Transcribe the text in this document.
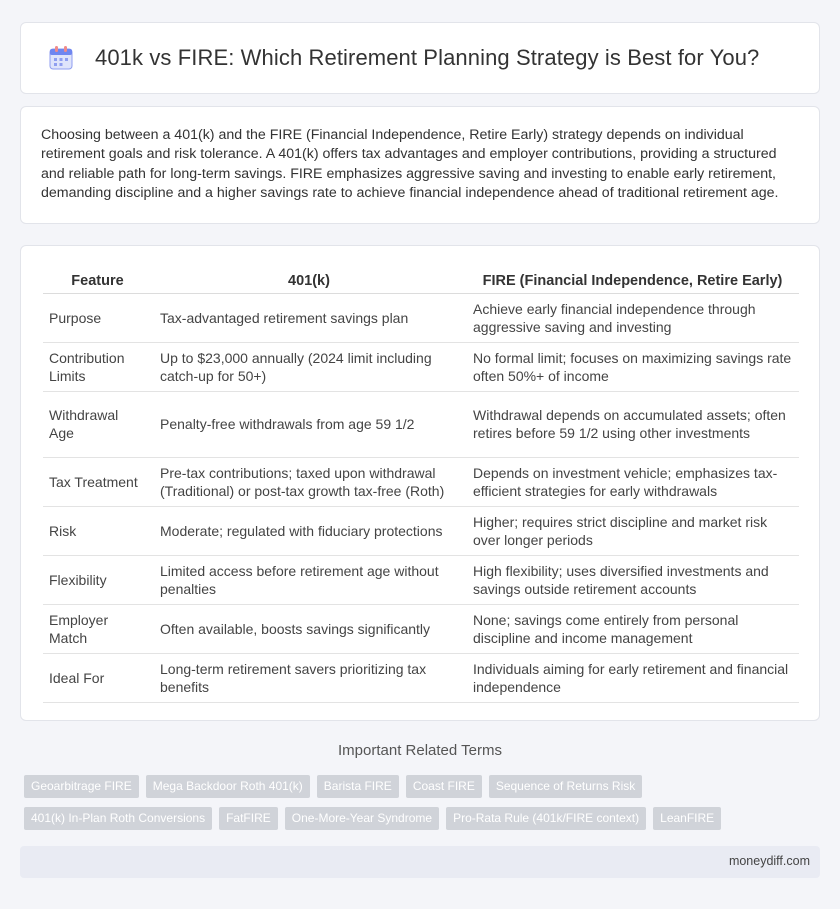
401k vs FIRE: Which Retirement Planning Strategy is Best for You?

Choosing between a 401(k) and the FIRE (Financial Independence, Retire Early) strategy depends on individual retirement goals and risk tolerance. A 401(k) offers tax advantages and employer contributions, providing a structured and reliable path for long-term savings. FIRE emphasizes aggressive saving and investing to enable early retirement, demanding discipline and a higher savings rate to achieve financial independence ahead of traditional retirement age.

Feature	401(k)	FIRE (Financial Independence, Retire Early)
Purpose	Tax-advantaged retirement savings plan	Achieve early financial independence through aggressive saving and investing
Contribution Limits	Up to $23,000 annually (2024 limit including catch-up for 50+)	No formal limit; focuses on maximizing savings rate often 50%+ of income
Withdrawal Age	Penalty-free withdrawals from age 59 1/2	Withdrawal depends on accumulated assets; often retires before 59 1/2 using other investments
Tax Treatment	Pre-tax contributions; taxed upon withdrawal (Traditional) or post-tax growth tax-free (Roth)	Depends on investment vehicle; emphasizes tax-efficient strategies for early withdrawals
Risk	Moderate; regulated with fiduciary protections	Higher; requires strict discipline and market risk over longer periods
Flexibility	Limited access before retirement age without penalties	High flexibility; uses diversified investments and savings outside retirement accounts
Employer Match	Often available, boosts savings significantly	None; savings come entirely from personal discipline and income management
Ideal For	Long-term retirement savers prioritizing tax benefits	Individuals aiming for early retirement and financial independence
Important Related Terms
Geoarbitrage FIRE	Mega Backdoor Roth 401(k)	Barista FIRE	Coast FIRE	Sequence of Returns Risk
401(k) In-Plan Roth Conversions	FatFIRE	One-More-Year Syndrome	Pro-Rata Rule (401k/FIRE context)	LeanFIRE
moneydiff.com
